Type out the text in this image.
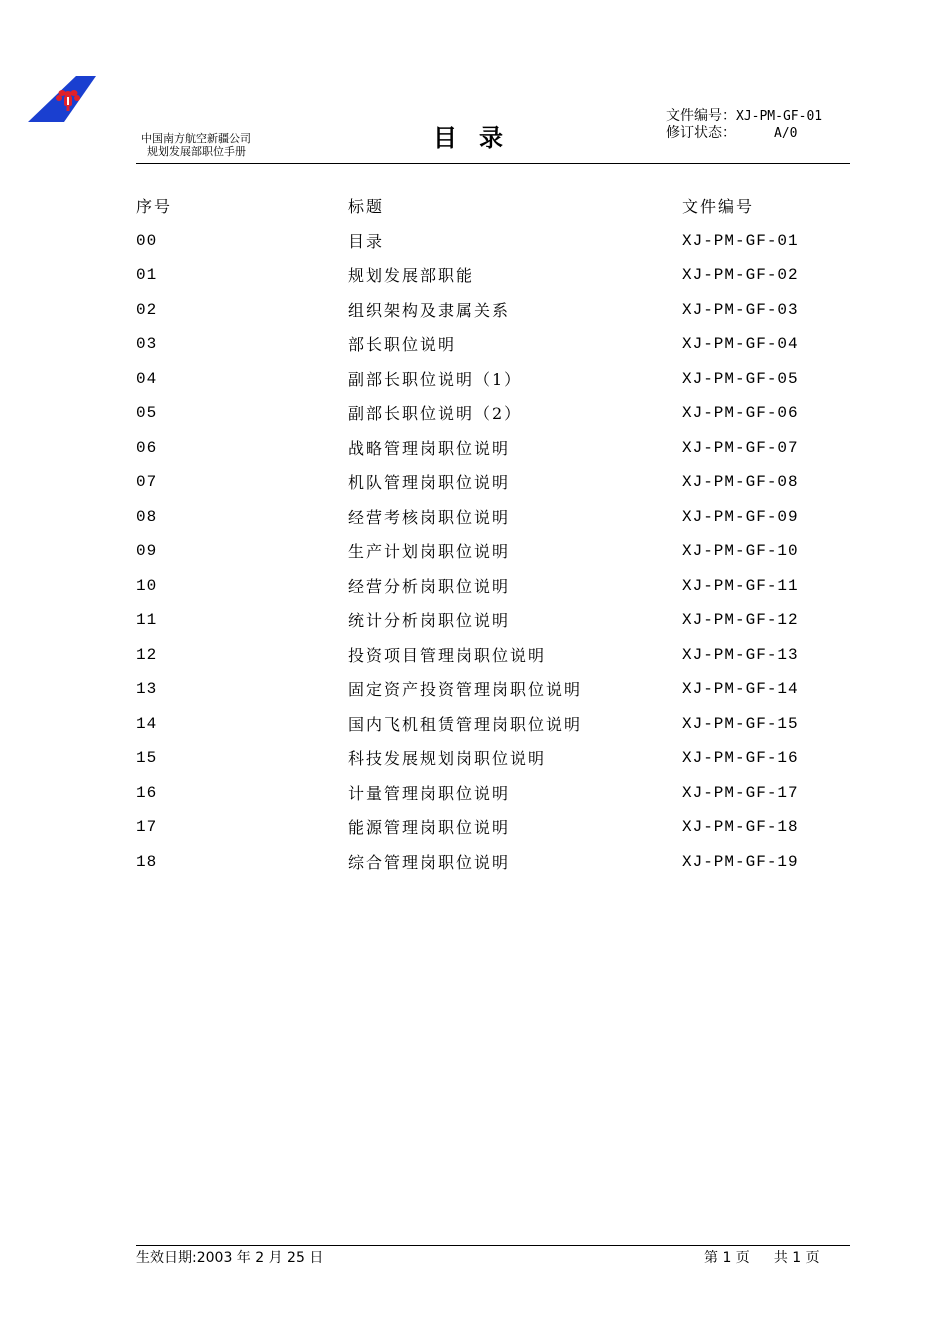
中国南方航空新疆公司
规划发展部职位手册	目录
文件编号：XJ-PM-GF-01
修订状态：	A/0
序号	标题	文件编号
00	目录	XJ-PM-GF-01
01	规划发展部职能	XJ-PM-GF-02
02	组织架构及隶属关系	XJ-PM-GF-03
03	部长职位说明	XJ-PM-GF-04
04	副部长职位说明（1）	XJ-PM-GF-05
05	副部长职位说明（2）	XJ-PM-GF-06
06	战略管理岗职位说明	XJ-PM-GF-07
07	机队管理岗职位说明	XJ-PM-GF-08
08	经营考核岗职位说明	XJ-PM-GF-09
09	生产计划岗职位说明	XJ-PM-GF-10
10	经营分析岗职位说明	XJ-PM-GF-11
11	统计分析岗职位说明	XJ-PM-GF-12
12	投资项目管理岗职位说明	XJ-PM-GF-13
13	固定资产投资管理岗职位说明	XJ-PM-GF-14
14	国内飞机租赁管理岗职位说明	XJ-PM-GF-15
15	科技发展规划岗职位说明	XJ-PM-GF-16
16	计量管理岗职位说明	XJ-PM-GF-17
17	能源管理岗职位说明	XJ-PM-GF-18
18	综合管理岗职位说明	XJ-PM-GF-19
生效日期:2003 年 2 月 25 日	第 1 页 共 1 页
